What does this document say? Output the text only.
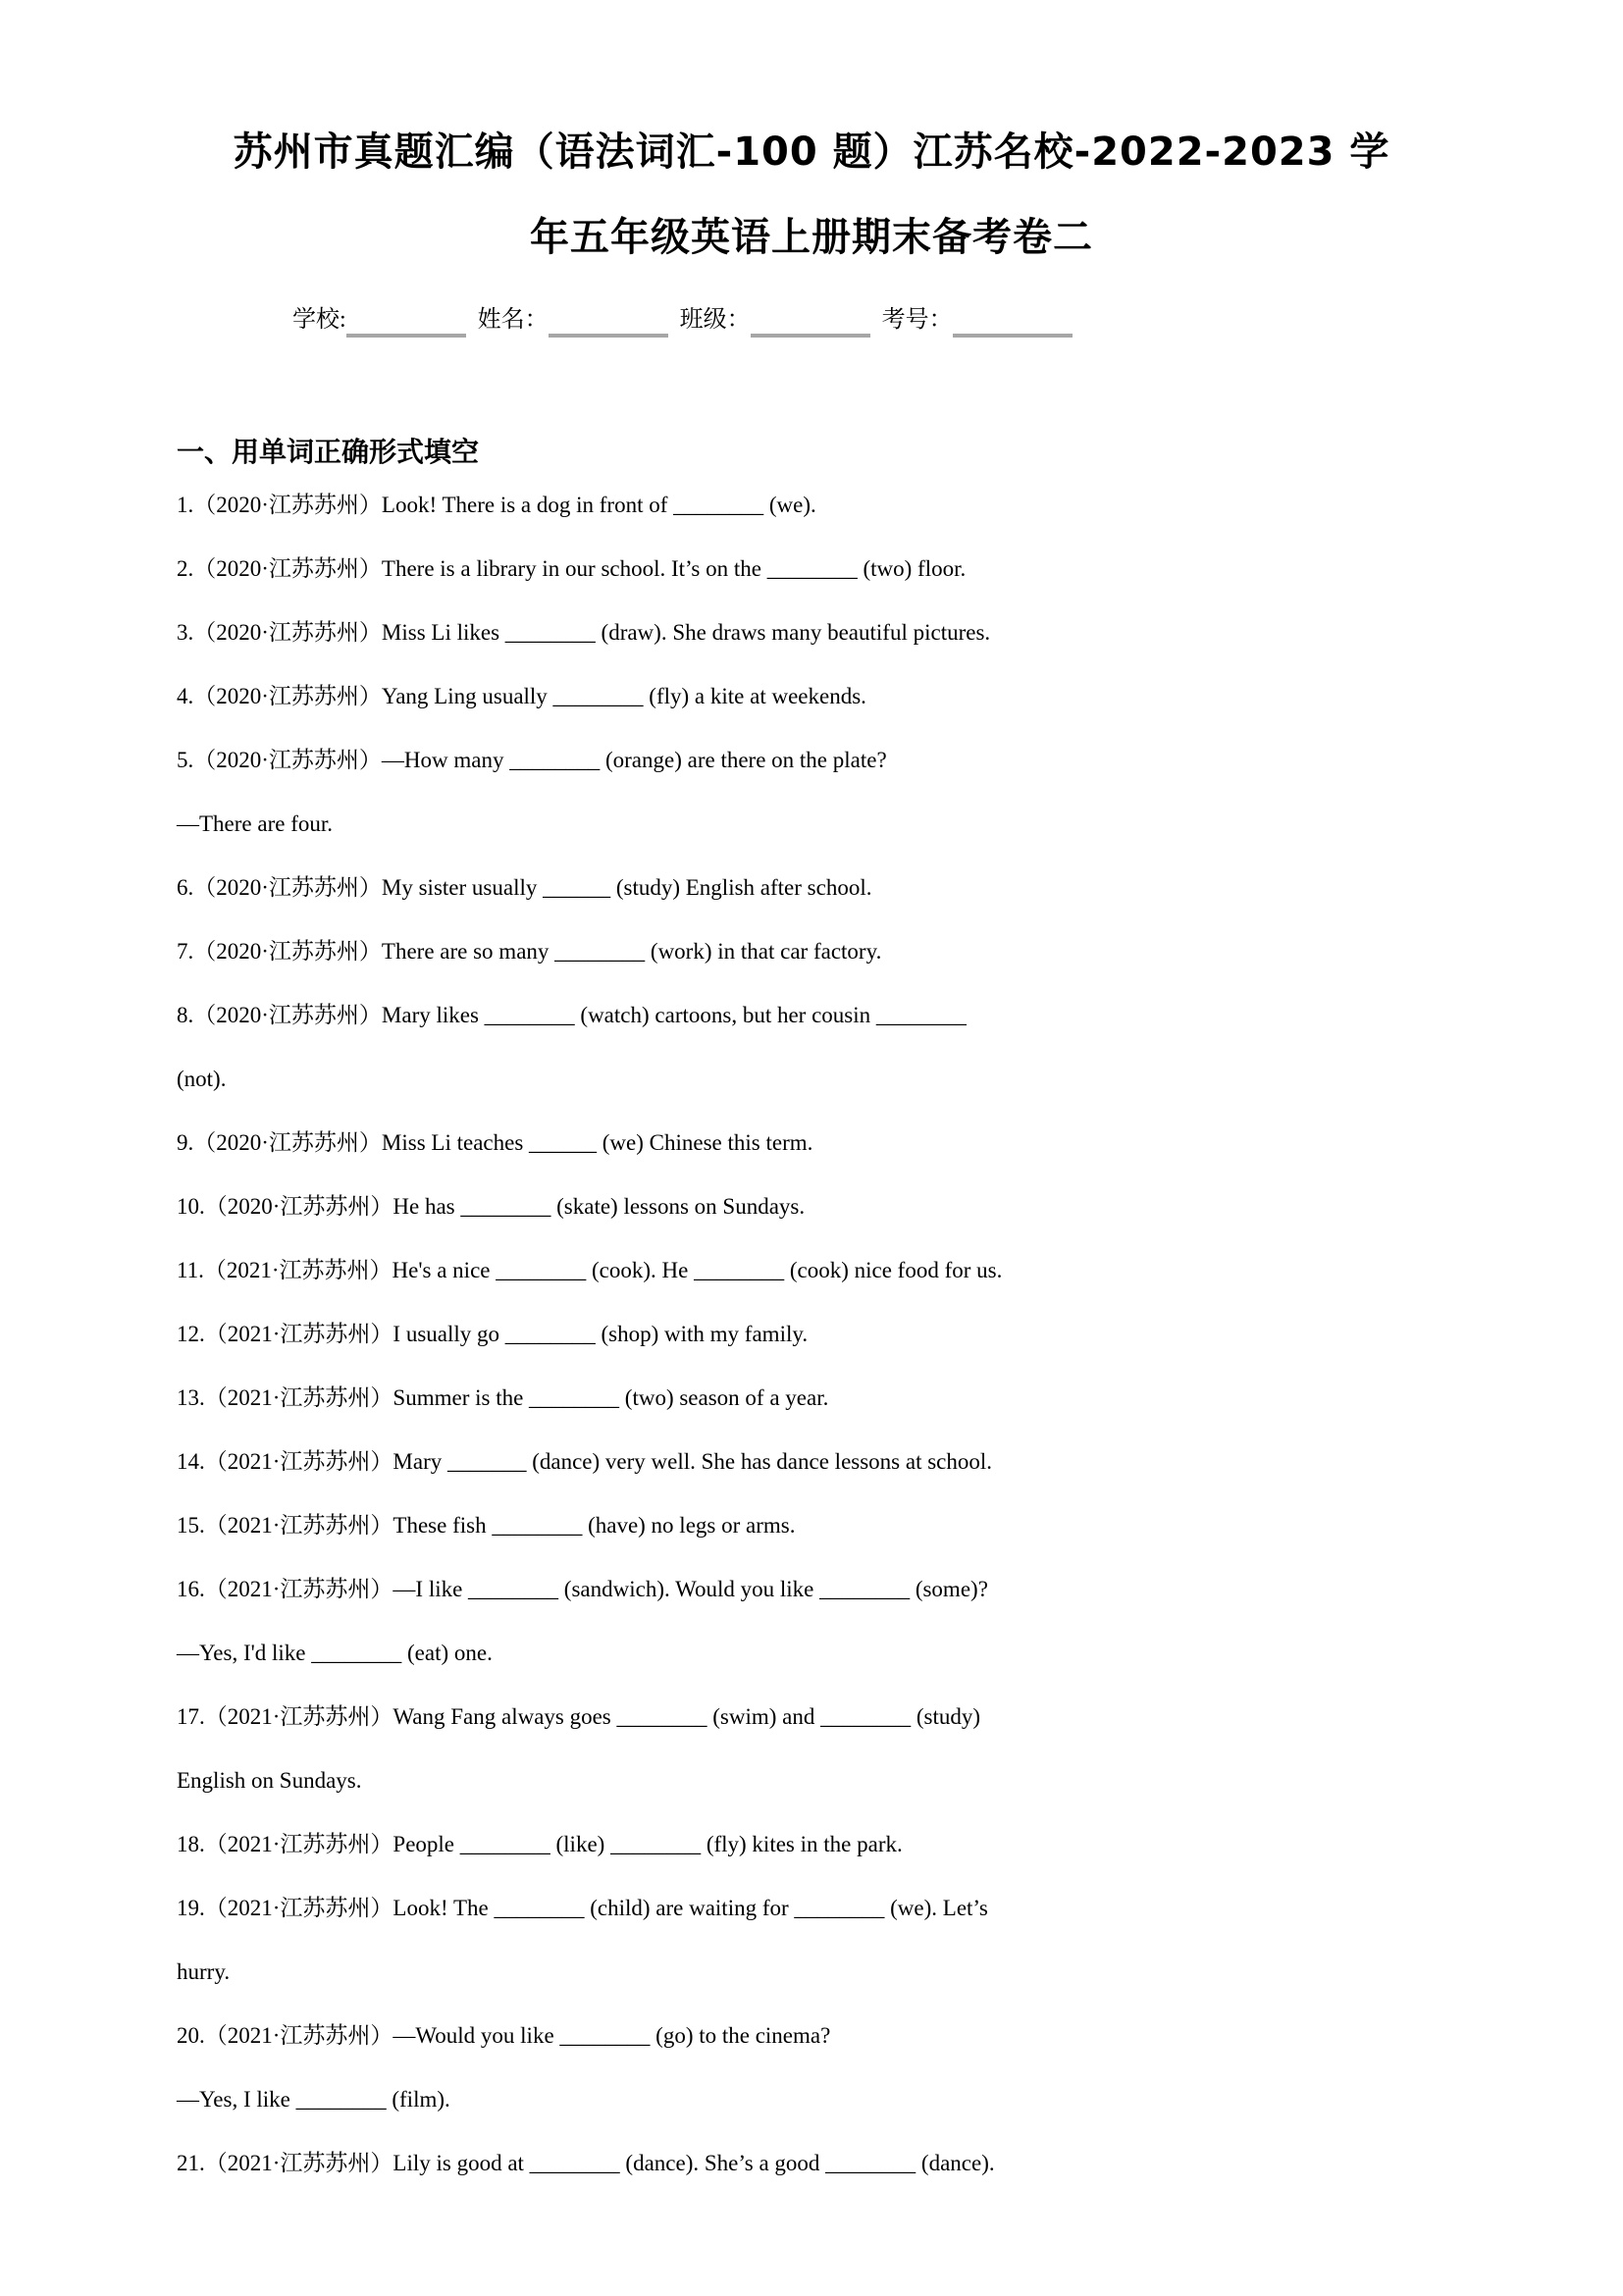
苏州市真题汇编（语法词汇-100 题）江苏名校-2022-2023 学
年五年级英语上册期末备考卷二
学校:	姓名：	班级：	考号：
一、用单词正确形式填空

1.（2020·江苏苏州）Look! There is a dog in front of ________ (we).

2.（2020·江苏苏州）There is a library in our school. It’s on the ________ (two) floor.

3.（2020·江苏苏州）Miss Li likes ________ (draw). She draws many beautiful pictures.

4.（2020·江苏苏州）Yang Ling usually ________ (fly) a kite at weekends.

5.（2020·江苏苏州）—How many ________ (orange) are there on the plate?

—There are four.

6.（2020·江苏苏州）My sister usually ______ (study) English after school.

7.（2020·江苏苏州）There are so many ________ (work) in that car factory.

8.（2020·江苏苏州）Mary likes ________ (watch) cartoons, but her cousin ________

(not).

9.（2020·江苏苏州）Miss Li teaches ______ (we) Chinese this term.

10.（2020·江苏苏州）He has ________ (skate) lessons on Sundays.

11.（2021·江苏苏州）He's a nice ________ (cook). He ________ (cook) nice food for us.

12.（2021·江苏苏州）I usually go ________ (shop) with my family.

13.（2021·江苏苏州）Summer is the ________ (two) season of a year.

14.（2021·江苏苏州）Mary _______ (dance) very well. She has dance lessons at school.

15.（2021·江苏苏州）These fish ________ (have) no legs or arms.

16.（2021·江苏苏州）—I like ________ (sandwich). Would you like ________ (some)?

—Yes, I'd like ________ (eat) one.

17.（2021·江苏苏州）Wang Fang always goes ________ (swim) and ________ (study)

English on Sundays.

18.（2021·江苏苏州）People ________ (like) ________ (fly) kites in the park.

19.（2021·江苏苏州）Look! The ________ (child) are waiting for ________ (we). Let’s

hurry.

20.（2021·江苏苏州）—Would you like ________ (go) to the cinema?

—Yes, I like ________ (film).

21.（2021·江苏苏州）Lily is good at ________ (dance). She’s a good ________ (dance).
